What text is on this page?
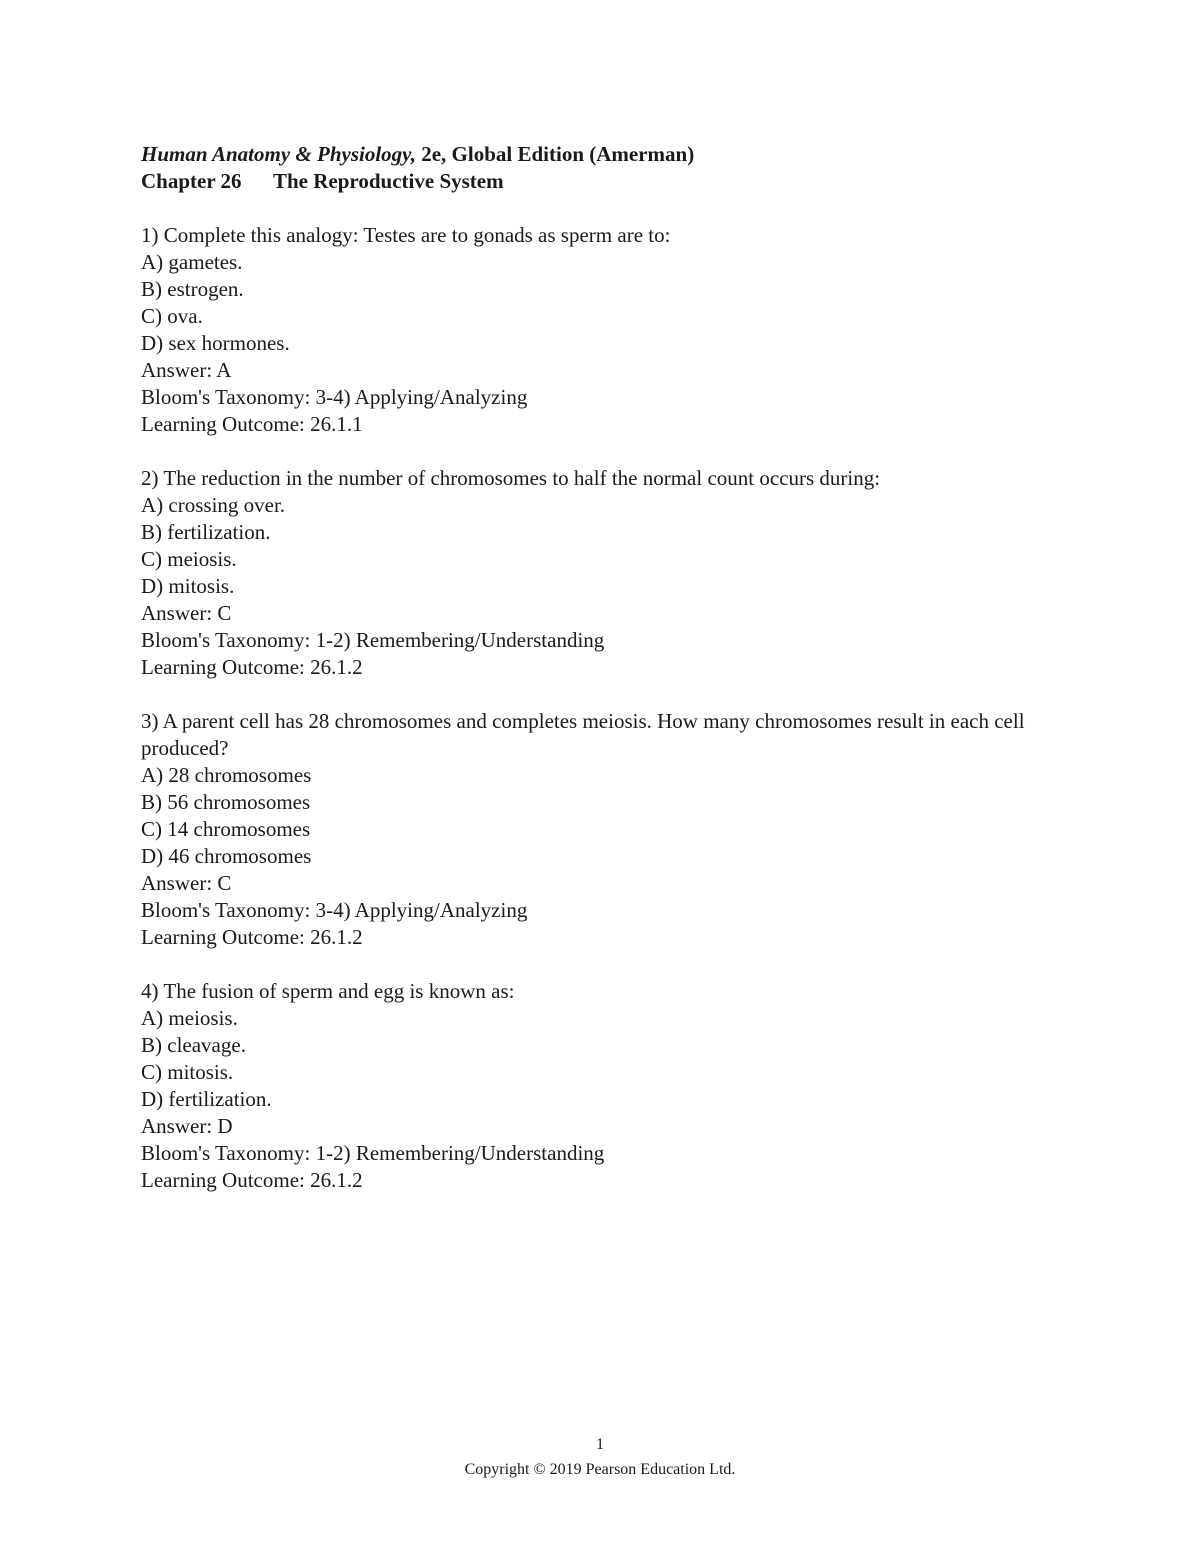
Human Anatomy & Physiology, 2e, Global Edition (Amerman)

Chapter 26 The Reproductive System

1) Complete this analogy: Testes are to gonads as sperm are to:

A) gametes.

B) estrogen.

C) ova.

D) sex hormones.

Answer: A

Bloom's Taxonomy: 3-4) Applying/Analyzing

Learning Outcome: 26.1.1

2) The reduction in the number of chromosomes to half the normal count occurs during:

A) crossing over.

B) fertilization.

C) meiosis.

D) mitosis.

Answer: C

Bloom's Taxonomy: 1-2) Remembering/Understanding

Learning Outcome: 26.1.2

3) A parent cell has 28 chromosomes and completes meiosis. How many chromosomes result in each cell produced?

A) 28 chromosomes

B) 56 chromosomes

C) 14 chromosomes

D) 46 chromosomes

Answer: C

Bloom's Taxonomy: 3-4) Applying/Analyzing

Learning Outcome: 26.1.2

4) The fusion of sperm and egg is known as:

A) meiosis.

B) cleavage.

C) mitosis.

D) fertilization.

Answer: D

Bloom's Taxonomy: 1-2) Remembering/Understanding

Learning Outcome: 26.1.2

1
Copyright © 2019 Pearson Education Ltd.
